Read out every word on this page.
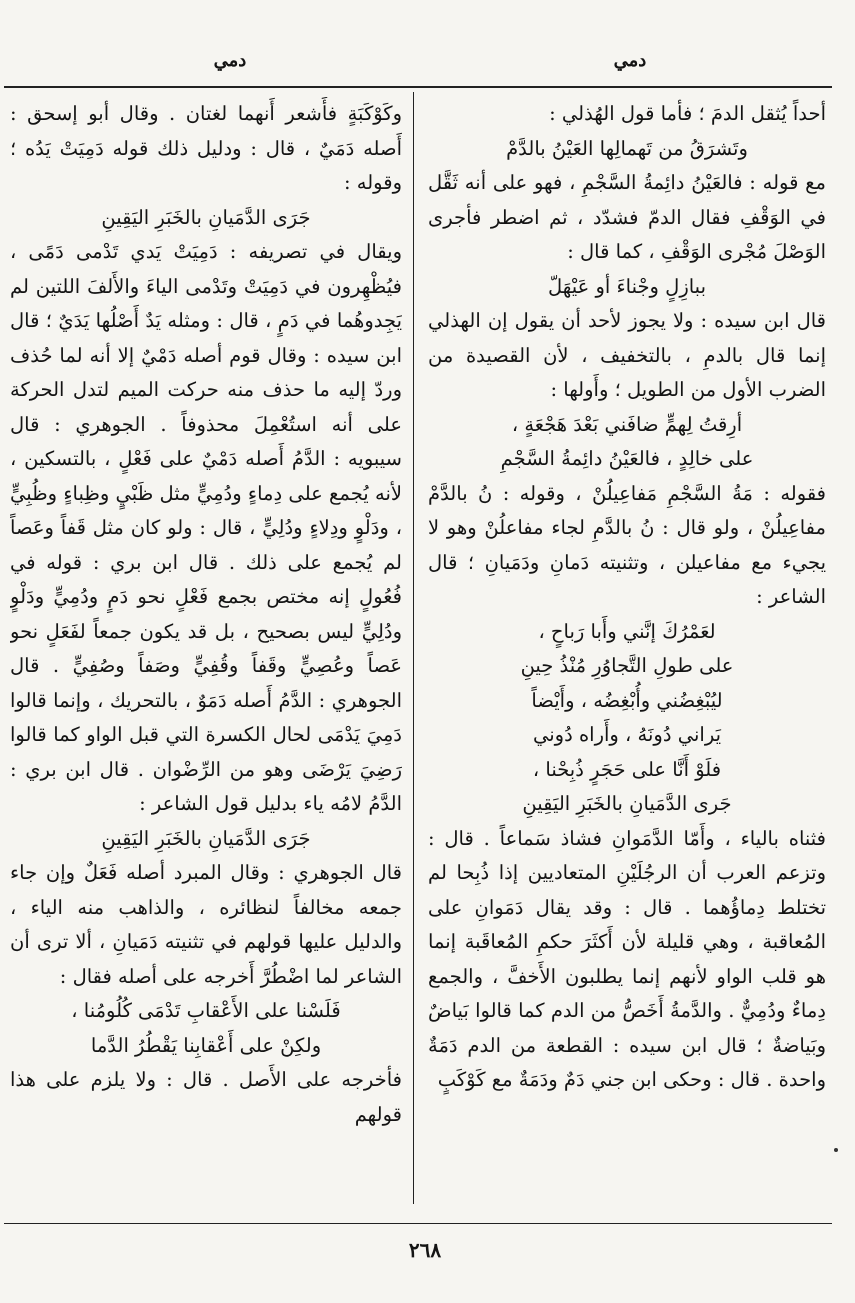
دمي
دمي

أحداً يُثقل الدمَ ؛ فأما قول الهُذلي :

وتَشرَقُ من تَهمالِها العَيْنُ بالدَّمْ

مع قوله : فالعَيْنُ دائِمةُ السَّجْمِ ، فهو على أنه ثَقَّل في الوَقْفِ فقال الدمّ فشدّد ، ثم اضطر فأجرى الوَصْلَ مُجْرى الوَقْفِ ، كما قال :

ببازِلٍ وجْناءَ أو عَيْهَلّ

قال ابن سيده : ولا يجوز لأحد أن يقول إن الهذلي إنما قال بالدمِ ، بالتخفيف ، لأن القصيدة من الضرب الأول من الطويل ؛ وأَولها :

أرِقتُ لِهمٍّ ضافَني بَعْدَ هَجْعَةٍ ،
على خالِدٍ ، فالعَيْنُ دائِمةُ السَّجْمِ

فقوله : مَةُ السَّجْمِ مَفاعِيلُنْ ، وقوله : نُ بالدَّمْ مفاعِيلُنْ ، ولو قال : نُ بالدَّمِ لجاء مفاعلُنْ وهو لا يجيء مع مفاعيلن ، وتثنيته دَمانِ ودَمَيانِ ؛ قال الشاعر :

لعَمْرُكَ إنَّني وأَبا رَباحٍ ،
على طولِ التَّجاوُرِ مُنْذُ حِينِ
ليُبْغِضُني وأُبْغِضُه ، وأَيْضاً
يَراني دُونَهُ ، وأَراه دُوني
فلَوْ أَنَّا على حَجَرٍ ذُبِحْنا ،
جَرى الدَّمَيانِ بالخَبَرِ اليَقِينِ

فثناه بالياء ، وأَمّا الدَّمَوانِ فشاذ سَماعاً . قال : وتزعم العرب أن الرجُلَيْنِ المتعاديين إذا ذُبِحا لم تختلط دِماؤُهما . قال : وقد يقال دَمَوانِ على المُعاقبة ، وهي قليلة لأن أَكثَرَ حكمِ المُعاقَبة إنما هو قلب الواو لأنهم إنما يطلبون الأَخفَّ ، والجمع دِماءٌ ودُمِيٌّ . والدَّمةُ أَخَصُّ من الدم كما قالوا بَياضٌ وبَياضةٌ ؛ قال ابن سيده : القطعة من الدم دَمَةٌ واحدة . قال : وحكى ابن جني دَمٌ ودَمَةٌ مع كَوْكَبٍ

وكَوْكَبَةٍ فأَشعر أَنهما لغتان . وقال أبو إسحق : أَصله دَمَيٌ ، قال : ودليل ذلك قوله دَمِيَتْ يَدُه ؛ وقوله :

جَرَى الدَّمَيانِ بالخَبَرِ اليَقِينِ

ويقال في تصريفه : دَمِيَتْ يَدي تَدْمى دَمًى ، فيُظْهِرون في دَمِيَتْ وتَدْمى الياءَ والأَلفَ اللتين لم يَجِدوهُما في دَمٍ ، قال : ومثله يَدٌ أَصْلُها يَدَيٌ ؛ قال ابن سيده : وقال قوم أصله دَمْيٌ إلا أنه لما حُذف وردّ إليه ما حذف منه حركت الميم لتدل الحركة على أنه استُعْمِلَ محذوفاً . الجوهري : قال سيبويه : الدَّمُ أَصله دَمْيٌ على فَعْلٍ ، بالتسكين ، لأنه يُجمع على دِماءٍ ودُمِيٍّ مثل ظَبْيٍ وظِباءٍ وظُبِيٍّ ، ودَلْوٍ ودِلاءٍ ودُلِيٍّ ، قال : ولو كان مثل قَفاً وعَصاً لم يُجمع على ذلك . قال ابن بري : قوله في فُعُولٍ إنه مختص بجمع فَعْلٍ نحو دَمٍ ودُمِيٍّ ودَلْوٍ ودُلِيٍّ ليس بصحيح ، بل قد يكون جمعاً لفَعَلٍ نحو عَصاً وعُصِيٍّ وقَفاً وقُفِيٍّ وصَفاً وصُفِيٍّ . قال الجوهري : الدَّمُ أَصله دَمَوٌ ، بالتحريك ، وإنما قالوا دَمِيَ يَدْمَى لحال الكسرة التي قبل الواو كما قالوا رَضِيَ يَرْضَى وهو من الرِّضْوان . قال ابن بري : الدَّمُ لامُه ياء بدليل قول الشاعر :

جَرَى الدَّمَيانِ بالخَبَرِ اليَقِينِ

قال الجوهري : وقال المبرد أصله فَعَلٌ وإن جاء جمعه مخالفاً لنظائره ، والذاهب منه الياء ، والدليل عليها قولهم في تثنيته دَمَيانِ ، ألا ترى أن الشاعر لما اضْطُرَّ أَخرجه على أصله فقال :

فَلَسْنا على الأَعْقابِ تَدْمَى كُلُومُنا ،
ولكِنْ على أَعْقابِنا يَقْطُرُ الدَّما

فأخرجه على الأَصل . قال : ولا يلزم على هذا قولهم

٢٦٨
